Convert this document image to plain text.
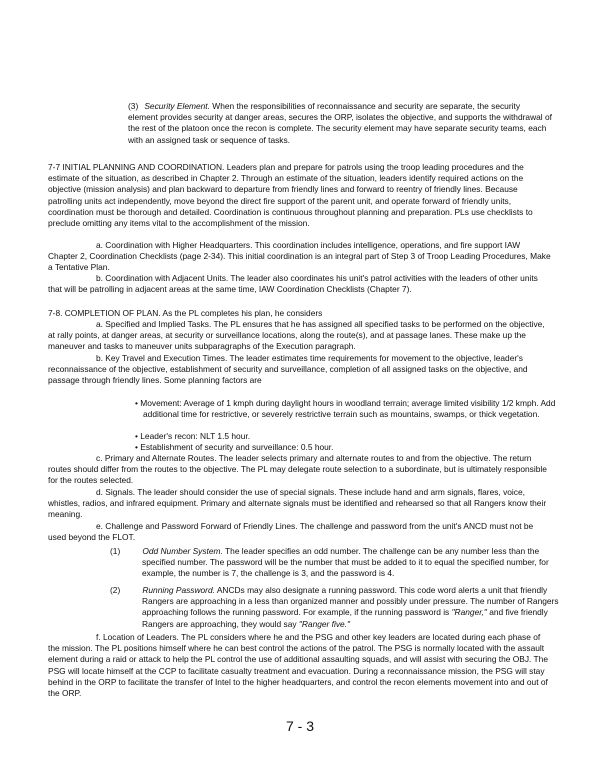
(3) Security Element. When the responsibilities of reconnaissance and security are separate, the security element provides security at danger areas, secures the ORP, isolates the objective, and supports the withdrawal of the rest of the platoon once the recon is complete. The security element may have separate security teams, each with an assigned task or sequence of tasks.

7-7 INITIAL PLANNING AND COORDINATION. Leaders plan and prepare for patrols using the troop leading procedures and the estimate of the situation, as described in Chapter 2. Through an estimate of the situation, leaders identify required actions on the objective (mission analysis) and plan backward to departure from friendly lines and forward to reentry of friendly lines. Because patrolling units act independently, move beyond the direct fire support of the parent unit, and operate forward of friendly units, coordination must be thorough and detailed. Coordination is continuous throughout planning and preparation. PLs use checklists to preclude omitting any items vital to the accomplishment of the mission.

a. Coordination with Higher Headquarters. This coordination includes intelligence, operations, and fire support IAW Chapter 2, Coordination Checklists (page 2-34). This initial coordination is an integral part of Step 3 of Troop Leading Procedures, Make a Tentative Plan.

b. Coordination with Adjacent Units. The leader also coordinates his unit's patrol activities with the leaders of other units that will be patrolling in adjacent areas at the same time, IAW Coordination Checklists (Chapter 7).

7-8. COMPLETION OF PLAN. As the PL completes his plan, he considers

a. Specified and Implied Tasks. The PL ensures that he has assigned all specified tasks to be performed on the objective, at rally points, at danger areas, at security or surveillance locations, along the route(s), and at passage lanes. These make up the maneuver and tasks to maneuver units subparagraphs of the Execution paragraph.

b. Key Travel and Execution Times. The leader estimates time requirements for movement to the objective, leader's reconnaissance of the objective, establishment of security and surveillance, completion of all assigned tasks on the objective, and passage through friendly lines. Some planning factors are

• Movement: Average of 1 kmph during daylight hours in woodland terrain; average limited visibility 1/2 kmph. Add additional time for restrictive, or severely restrictive terrain such as mountains, swamps, or thick vegetation.

• Leader's recon: NLT 1.5 hour.

• Establishment of security and surveillance: 0.5 hour.

c. Primary and Alternate Routes. The leader selects primary and alternate routes to and from the objective. The return routes should differ from the routes to the objective. The PL may delegate route selection to a subordinate, but is ultimately responsible for the routes selected.

d. Signals. The leader should consider the use of special signals. These include hand and arm signals, flares, voice, whistles, radios, and infrared equipment. Primary and alternate signals must be identified and rehearsed so that all Rangers know their meaning.

e. Challenge and Password Forward of Friendly Lines. The challenge and password from the unit's ANCD must not be used beyond the FLOT.

(1)	Odd Number System. The leader specifies an odd number. The challenge can be any number less than the specified number. The password will be the number that must be added to it to equal the specified number, for example, the number is 7, the challenge is 3, and the password is 4.

(2)	Running Password. ANCDs may also designate a running password. This code word alerts a unit that friendly Rangers are approaching in a less than organized manner and possibly under pressure. The number of Rangers approaching follows the running password. For example, if the running password is "Ranger," and five friendly Rangers are approaching, they would say "Ranger five."

f. Location of Leaders. The PL considers where he and the PSG and other key leaders are located during each phase of the mission. The PL positions himself where he can best control the actions of the patrol. The PSG is normally located with the assault element during a raid or attack to help the PL control the use of additional assaulting squads, and will assist with securing the OBJ. The PSG will locate himself at the CCP to facilitate casualty treatment and evacuation. During a reconnaissance mission, the PSG will stay behind in the ORP to facilitate the transfer of Intel to the higher headquarters, and control the recon elements movement into and out of the ORP.

7 - 3
